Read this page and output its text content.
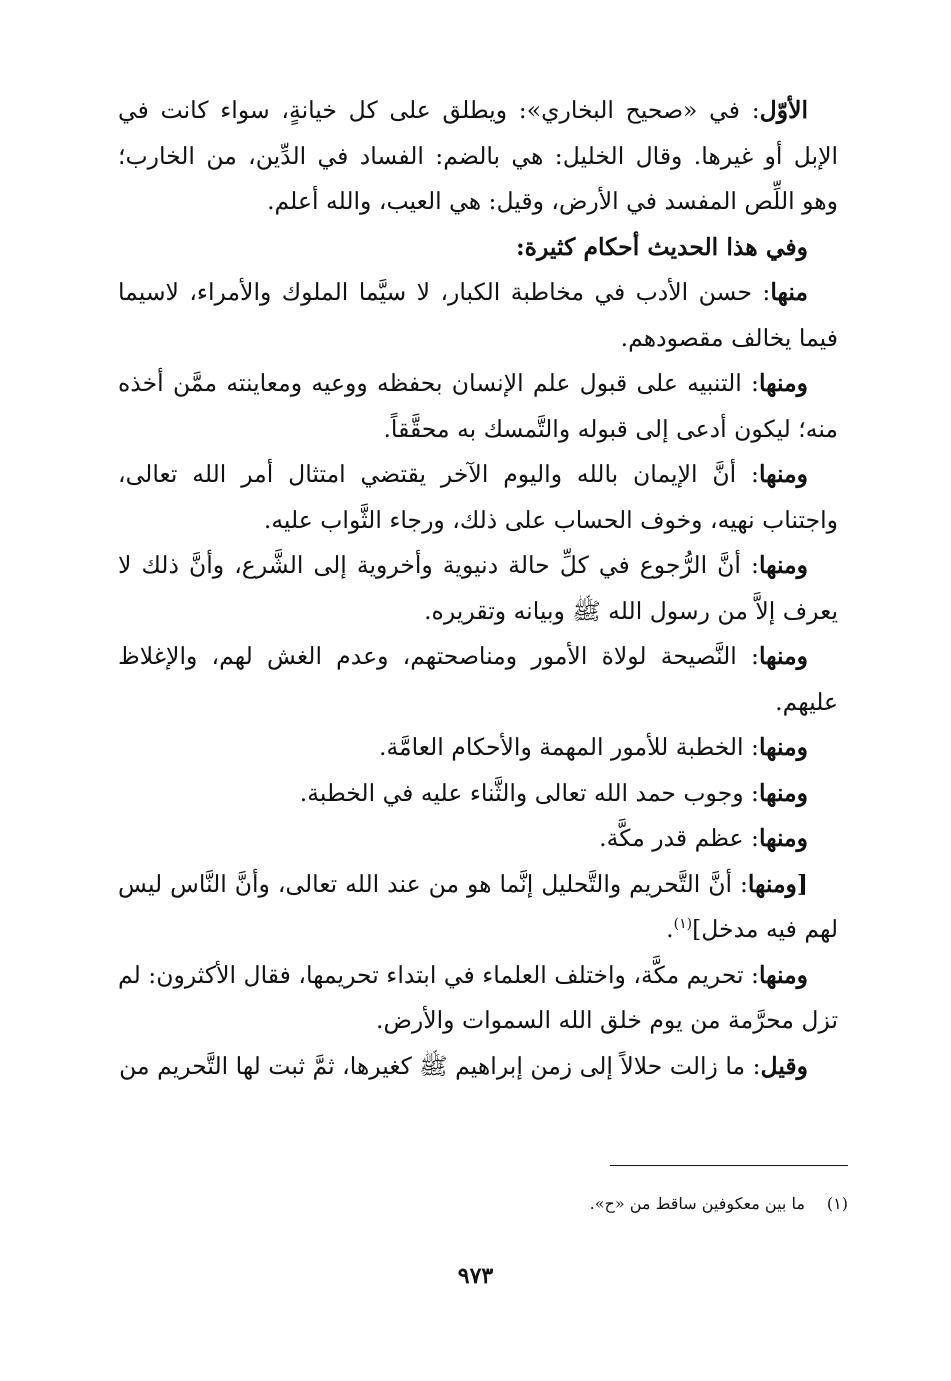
الأوّل: في «صحيح البخاري»: ويطلق على كل خيانةٍ، سواء كانت في الإبل أو غيرها. وقال الخليل: هي بالضم: الفساد في الدِّين، من الخارب؛ وهو اللِّص المفسد في الأرض، وقيل: هي العيب، والله أعلم.

وفي هذا الحديث أحكام كثيرة:

منها: حسن الأدب في مخاطبة الكبار، لا سيَّما الملوك والأمراء، لاسيما فيما يخالف مقصودهم.

ومنها: التنبيه على قبول علم الإنسان بحفظه ووعيه ومعاينته ممَّن أخذه منه؛ ليكون أدعى إلى قبوله والتَّمسك به محقَّقاً.

ومنها: أنَّ الإيمان بالله واليوم الآخر يقتضي امتثال أمر الله تعالى، واجتناب نهيه، وخوف الحساب على ذلك، ورجاء الثَّواب عليه.

ومنها: أنَّ الرُّجوع في كلِّ حالة دنيوية وأخروية إلى الشَّرع، وأنَّ ذلك لا يعرف إلاَّ من رسول الله ﷺ وبيانه وتقريره.

ومنها: النَّصيحة لولاة الأمور ومناصحتهم، وعدم الغش لهم، والإغلاظ عليهم.

ومنها: الخطبة للأمور المهمة والأحكام العامَّة.

ومنها: وجوب حمد الله تعالى والثَّناء عليه في الخطبة.

ومنها: عظم قدر مكَّة.

[ومنها: أنَّ التَّحريم والتَّحليل إنَّما هو من عند الله تعالى، وأنَّ النَّاس ليس لهم فيه مدخل]$^{(١)}$.

ومنها: تحريم مكَّة، واختلف العلماء في ابتداء تحريمها، فقال الأكثرون: لم تزل محرَّمة من يوم خلق الله السموات والأرض.

وقيل: ما زالت حلالاً إلى زمن إبراهيم ﷺ كغيرها، ثمَّ ثبت لها التَّحريم من

(١)ما بين معكوفين ساقط من «ح».
٩٧٣
